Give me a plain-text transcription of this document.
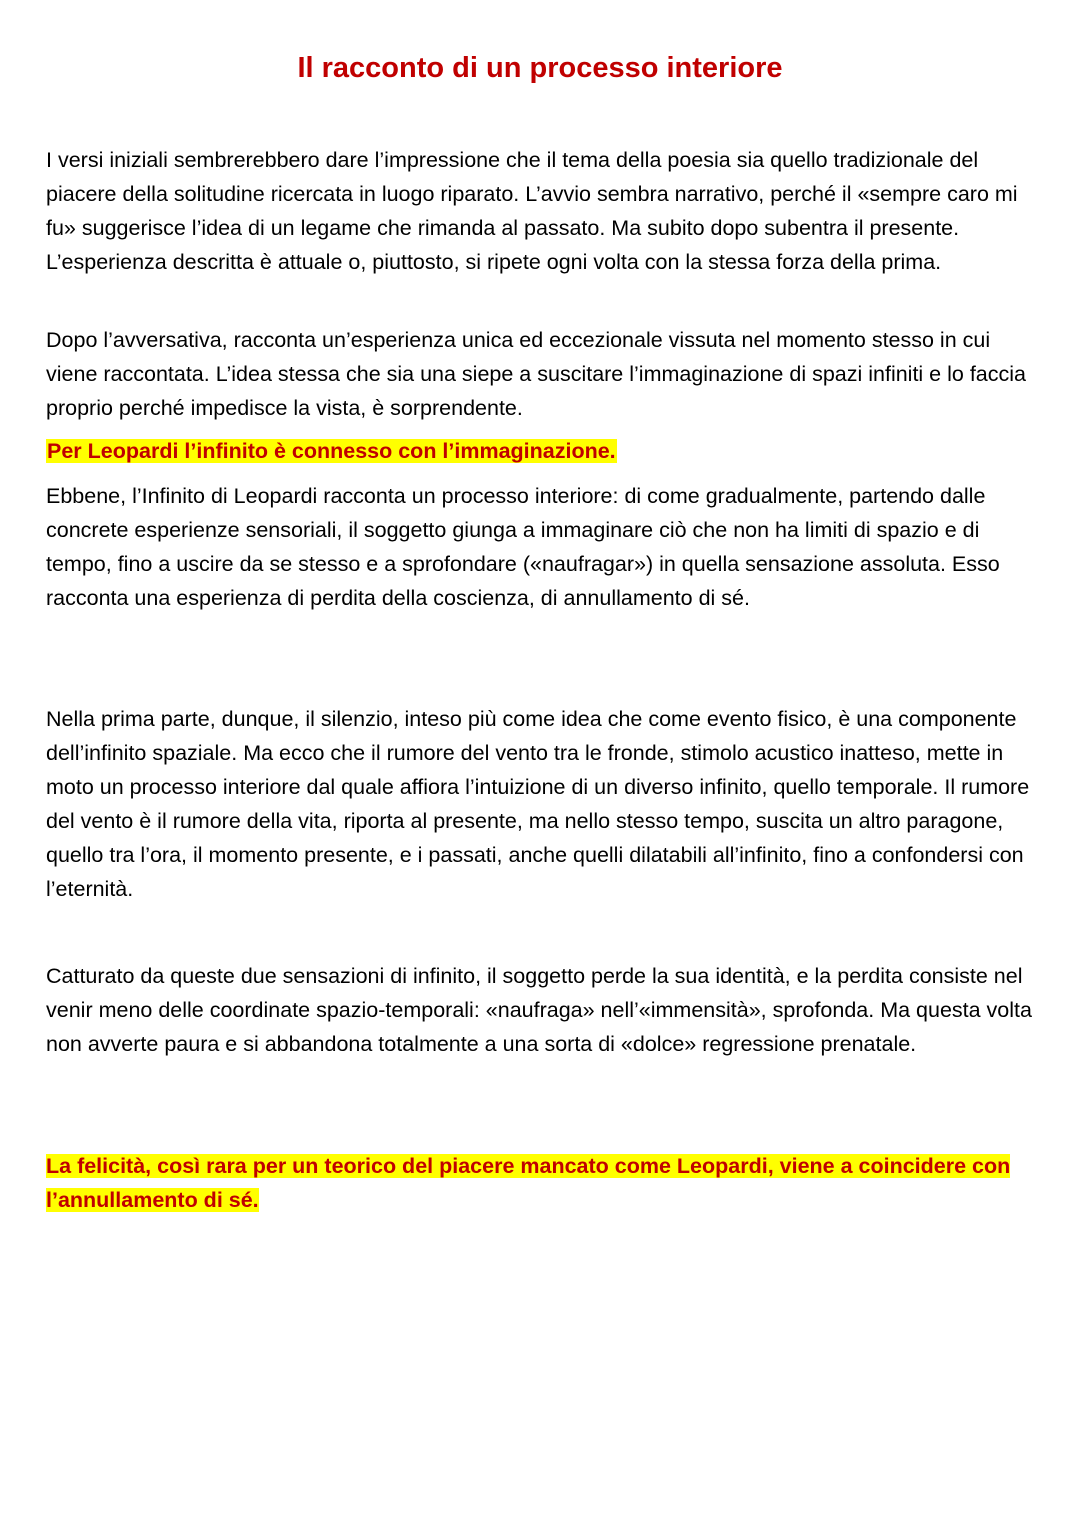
Il racconto di un processo interiore

I versi iniziali sembrerebbero dare l’impressione che il tema della poesia sia quello tradizionale del piacere della solitudine ricercata in luogo riparato. L’avvio sembra narrativo, perché il «sempre caro mi fu» suggerisce l’idea di un legame che rimanda al passato. Ma subito dopo subentra il presente. L’esperienza descritta è attuale o, piuttosto, si ripete ogni volta con la stessa forza della prima.

Dopo l’avversativa, racconta un’esperienza unica ed eccezionale vissuta nel momento stesso in cui viene raccontata. L’idea stessa che sia una siepe a suscitare l’immaginazione di spazi infiniti e lo faccia proprio perché impedisce la vista, è sorprendente.

Per Leopardi l’infinito è connesso con l’immaginazione.

Ebbene, l’Infinito di Leopardi racconta un processo interiore: di come gradualmente, partendo dalle concrete esperienze sensoriali, il soggetto giunga a immaginare ciò che non ha limiti di spazio e di tempo, fino a uscire da se stesso e a sprofondare («naufragar») in quella sensazione assoluta. Esso racconta una esperienza di perdita della coscienza, di annullamento di sé.

Nella prima parte, dunque, il silenzio, inteso più come idea che come evento fisico, è una componente dell’infinito spaziale. Ma ecco che il rumore del vento tra le fronde, stimolo acustico inatteso, mette in moto un processo interiore dal quale affiora l’intuizione di un diverso infinito, quello temporale. Il rumore del vento è il rumore della vita, riporta al presente, ma nello stesso tempo, suscita un altro paragone, quello tra l’ora, il momento presente, e i passati, anche quelli dilatabili all’infinito, fino a confondersi con l’eternità.

Catturato da queste due sensazioni di infinito, il soggetto perde la sua identità, e la perdita consiste nel venir meno delle coordinate spazio-temporali: «naufraga» nell’«immensità», sprofonda. Ma questa volta non avverte paura e si abbandona totalmente a una sorta di «dolce» regressione prenatale.

La felicità, così rara per un teorico del piacere mancato come Leopardi, viene a coincidere con l’annullamento di sé.
